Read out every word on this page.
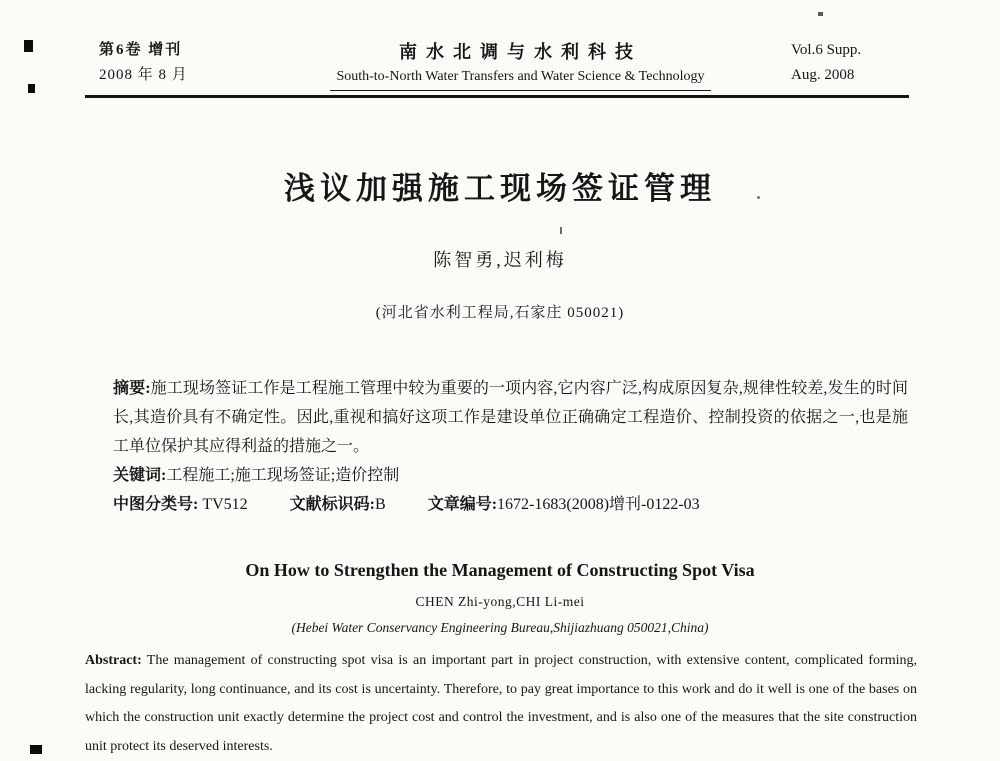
第6卷 增刊
2008 年 8 月
南水北调与水利科技
South-to-North Water Transfers and Water Science & Technology
Vol.6 Supp.
Aug. 2008
浅议加强施工现场签证管理
陈智勇,迟利梅
(河北省水利工程局,石家庄 050021)

摘要:施工现场签证工作是工程施工管理中较为重要的一项内容,它内容广泛,构成原因复杂,规律性较差,发生的时间长,其造价具有不确定性。因此,重视和搞好这项工作是建设单位正确确定工程造价、控制投资的依据之一,也是施工单位保护其应得利益的措施之一。

关键词:工程施工;施工现场签证;造价控制

中图分类号: TV512	文献标识码:B	文章编号:1672-1683(2008)增刊-0122-03

On How to Strengthen the Management of Constructing Spot Visa
CHEN Zhi-yong,CHI Li-mei
(Hebei Water Conservancy Engineering Bureau,Shijiazhuang 050021,China)

Abstract: The management of constructing spot visa is an important part in project construction, with extensive content, complicated forming, lacking regularity, long continuance, and its cost is uncertainty. Therefore, to pay great importance to this work and do it well is one of the bases on which the construction unit exactly determine the project cost and control the investment, and is also one of the measures that the site construction unit protect its deserved interests.
